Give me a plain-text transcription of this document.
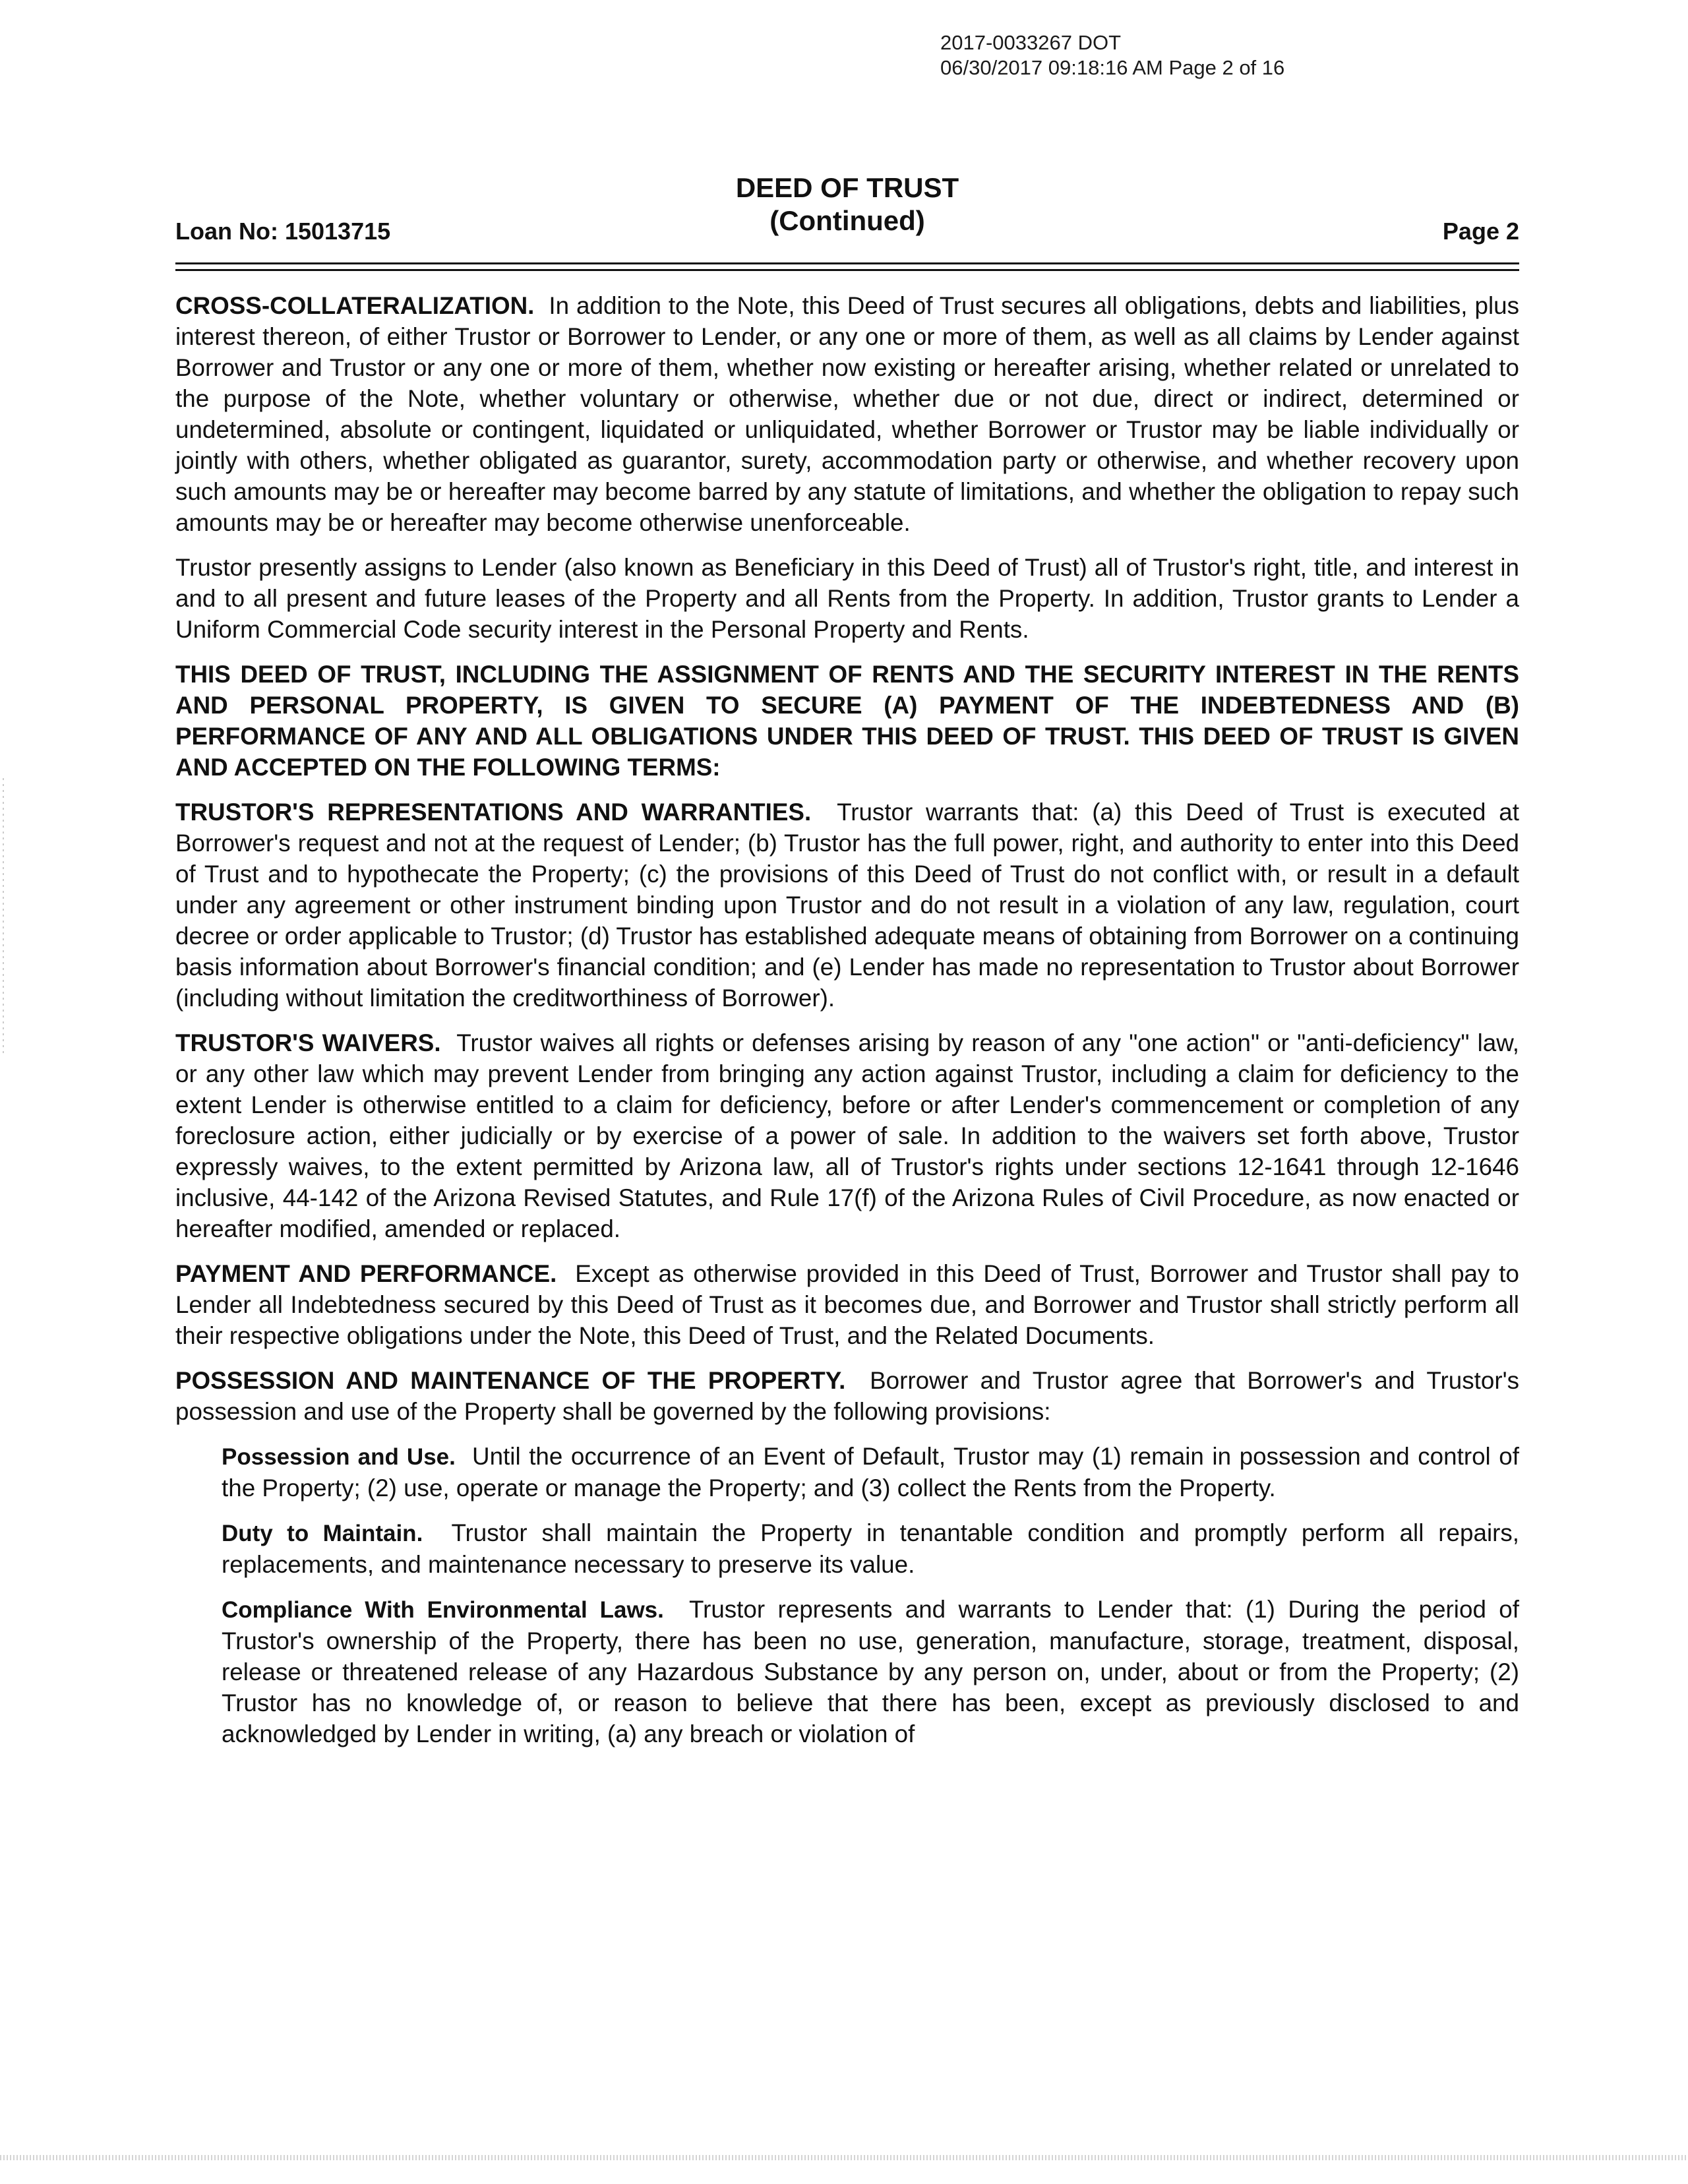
2017-0033267 DOT
06/30/2017 09:18:16 AM Page 2 of 16
Loan No: 15013715
DEED OF TRUST
(Continued)	Page 2

CROSS-COLLATERALIZATION. In addition to the Note, this Deed of Trust secures all obligations, debts and liabilities, plus interest thereon, of either Trustor or Borrower to Lender, or any one or more of them, as well as all claims by Lender against Borrower and Trustor or any one or more of them, whether now existing or hereafter arising, whether related or unrelated to the purpose of the Note, whether voluntary or otherwise, whether due or not due, direct or indirect, determined or undetermined, absolute or contingent, liquidated or unliquidated, whether Borrower or Trustor may be liable individually or jointly with others, whether obligated as guarantor, surety, accommodation party or otherwise, and whether recovery upon such amounts may be or hereafter may become barred by any statute of limitations, and whether the obligation to repay such amounts may be or hereafter may become otherwise unenforceable.

Trustor presently assigns to Lender (also known as Beneficiary in this Deed of Trust) all of Trustor's right, title, and interest in and to all present and future leases of the Property and all Rents from the Property. In addition, Trustor grants to Lender a Uniform Commercial Code security interest in the Personal Property and Rents.

THIS DEED OF TRUST, INCLUDING THE ASSIGNMENT OF RENTS AND THE SECURITY INTEREST IN THE RENTS AND PERSONAL PROPERTY, IS GIVEN TO SECURE (A) PAYMENT OF THE INDEBTEDNESS AND (B) PERFORMANCE OF ANY AND ALL OBLIGATIONS UNDER THIS DEED OF TRUST. THIS DEED OF TRUST IS GIVEN AND ACCEPTED ON THE FOLLOWING TERMS:

TRUSTOR'S REPRESENTATIONS AND WARRANTIES. Trustor warrants that: (a) this Deed of Trust is executed at Borrower's request and not at the request of Lender; (b) Trustor has the full power, right, and authority to enter into this Deed of Trust and to hypothecate the Property; (c) the provisions of this Deed of Trust do not conflict with, or result in a default under any agreement or other instrument binding upon Trustor and do not result in a violation of any law, regulation, court decree or order applicable to Trustor; (d) Trustor has established adequate means of obtaining from Borrower on a continuing basis information about Borrower's financial condition; and (e) Lender has made no representation to Trustor about Borrower (including without limitation the creditworthiness of Borrower).

TRUSTOR'S WAIVERS. Trustor waives all rights or defenses arising by reason of any "one action" or "anti-deficiency" law, or any other law which may prevent Lender from bringing any action against Trustor, including a claim for deficiency to the extent Lender is otherwise entitled to a claim for deficiency, before or after Lender's commencement or completion of any foreclosure action, either judicially or by exercise of a power of sale. In addition to the waivers set forth above, Trustor expressly waives, to the extent permitted by Arizona law, all of Trustor's rights under sections 12-1641 through 12-1646 inclusive, 44-142 of the Arizona Revised Statutes, and Rule 17(f) of the Arizona Rules of Civil Procedure, as now enacted or hereafter modified, amended or replaced.

PAYMENT AND PERFORMANCE. Except as otherwise provided in this Deed of Trust, Borrower and Trustor shall pay to Lender all Indebtedness secured by this Deed of Trust as it becomes due, and Borrower and Trustor shall strictly perform all their respective obligations under the Note, this Deed of Trust, and the Related Documents.

POSSESSION AND MAINTENANCE OF THE PROPERTY. Borrower and Trustor agree that Borrower's and Trustor's possession and use of the Property shall be governed by the following provisions:

Possession and Use. Until the occurrence of an Event of Default, Trustor may (1) remain in possession and control of the Property; (2) use, operate or manage the Property; and (3) collect the Rents from the Property.

Duty to Maintain. Trustor shall maintain the Property in tenantable condition and promptly perform all repairs, replacements, and maintenance necessary to preserve its value.

Compliance With Environmental Laws. Trustor represents and warrants to Lender that: (1) During the period of Trustor's ownership of the Property, there has been no use, generation, manufacture, storage, treatment, disposal, release or threatened release of any Hazardous Substance by any person on, under, about or from the Property; (2) Trustor has no knowledge of, or reason to believe that there has been, except as previously disclosed to and acknowledged by Lender in writing, (a) any breach or violation of
